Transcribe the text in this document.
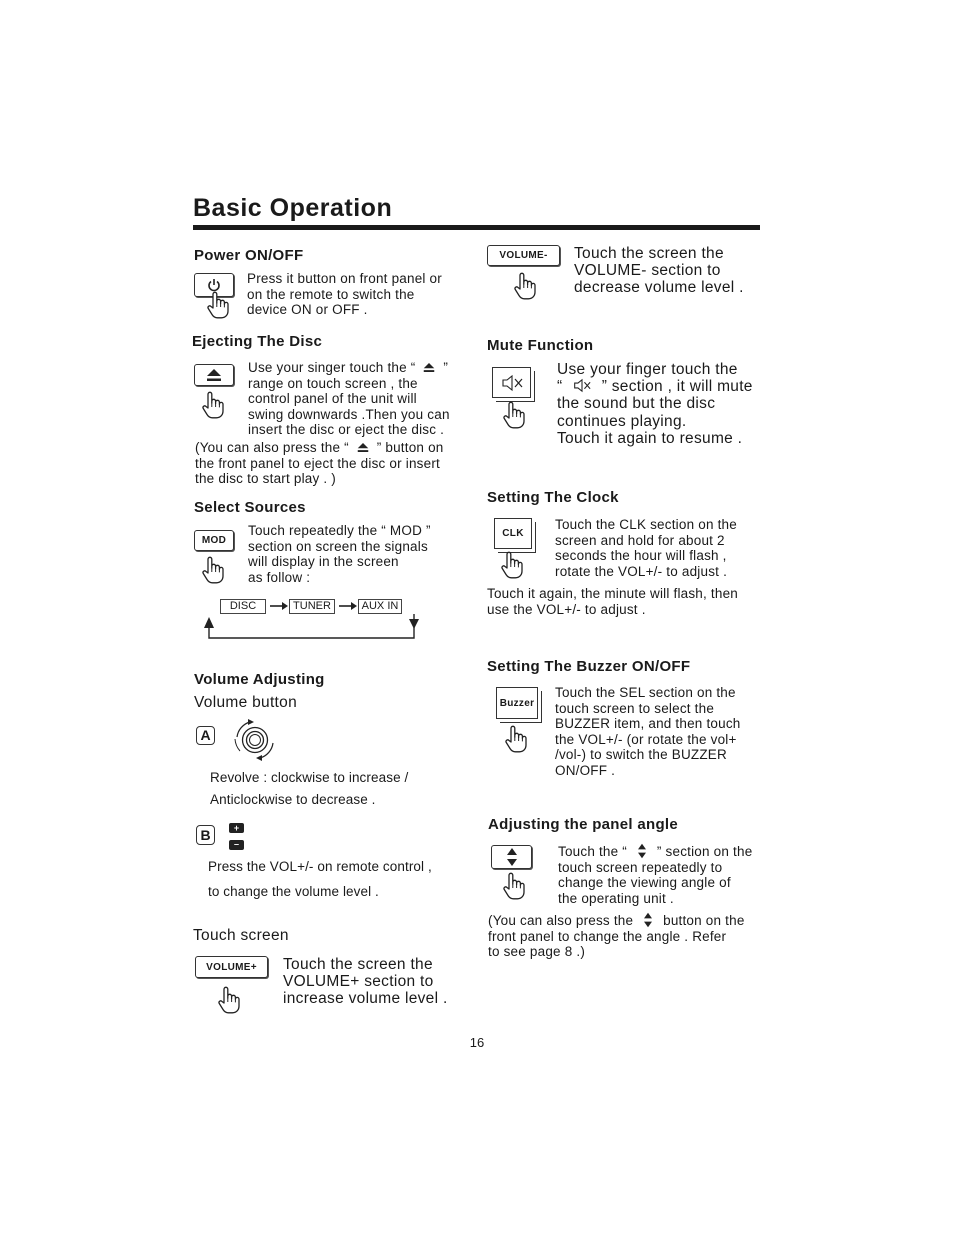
Basic Operation
Power ON/OFF
Press it button on front panel or
on the remote to switch the
device ON or OFF .
Ejecting The Disc
Use your singer touch the “ ”
range on touch screen , the
control panel of the unit will
swing downwards .Then you can
insert the disc or eject the disc .
(You can also press the “ ” button on
the front panel to eject the disc or insert
the disc to start play . )
Select Sources
MOD
Touch repeatedly the “ MOD ”
section on screen the signals
will display in the screen
as follow :
DISC	TUNER	AUX IN
Volume Adjusting
Volume button
A
Revolve : clockwise to increase /
Anticlockwise to decrease .
B	+
–
Press the VOL+/- on remote control ,
to change the volume level .
Touch screen
VOLUME+ Touch the screen the
VOLUME+ section to
increase volume level .
VOLUME- Touch the screen the
VOLUME- section to
decrease volume level .
Mute Function
Use your finger touch the
“	” section , it will mute
the sound but the disc
continues playing.
Touch it again to resume .
Setting The Clock
CLK
Touch the CLK section on the
screen and hold for about 2
seconds the hour will flash ,
rotate the VOL+/- to adjust .
Touch it again, the minute will flash, then
use the VOL+/- to adjust .
Setting The Buzzer ON/OFF
Buzzer
Touch the SEL section on the
touch screen to select the
BUZZER item, and then touch
the VOL+/- (or rotate the vol+
/vol-) to switch the BUZZER
ON/OFF .
Adjusting the panel angle
Touch the “ ” section on the
touch screen repeatedly to
change the viewing angle of
the operating unit .
(You can also press the button on the
front panel to change the angle . Refer
to see page 8 .)
16
